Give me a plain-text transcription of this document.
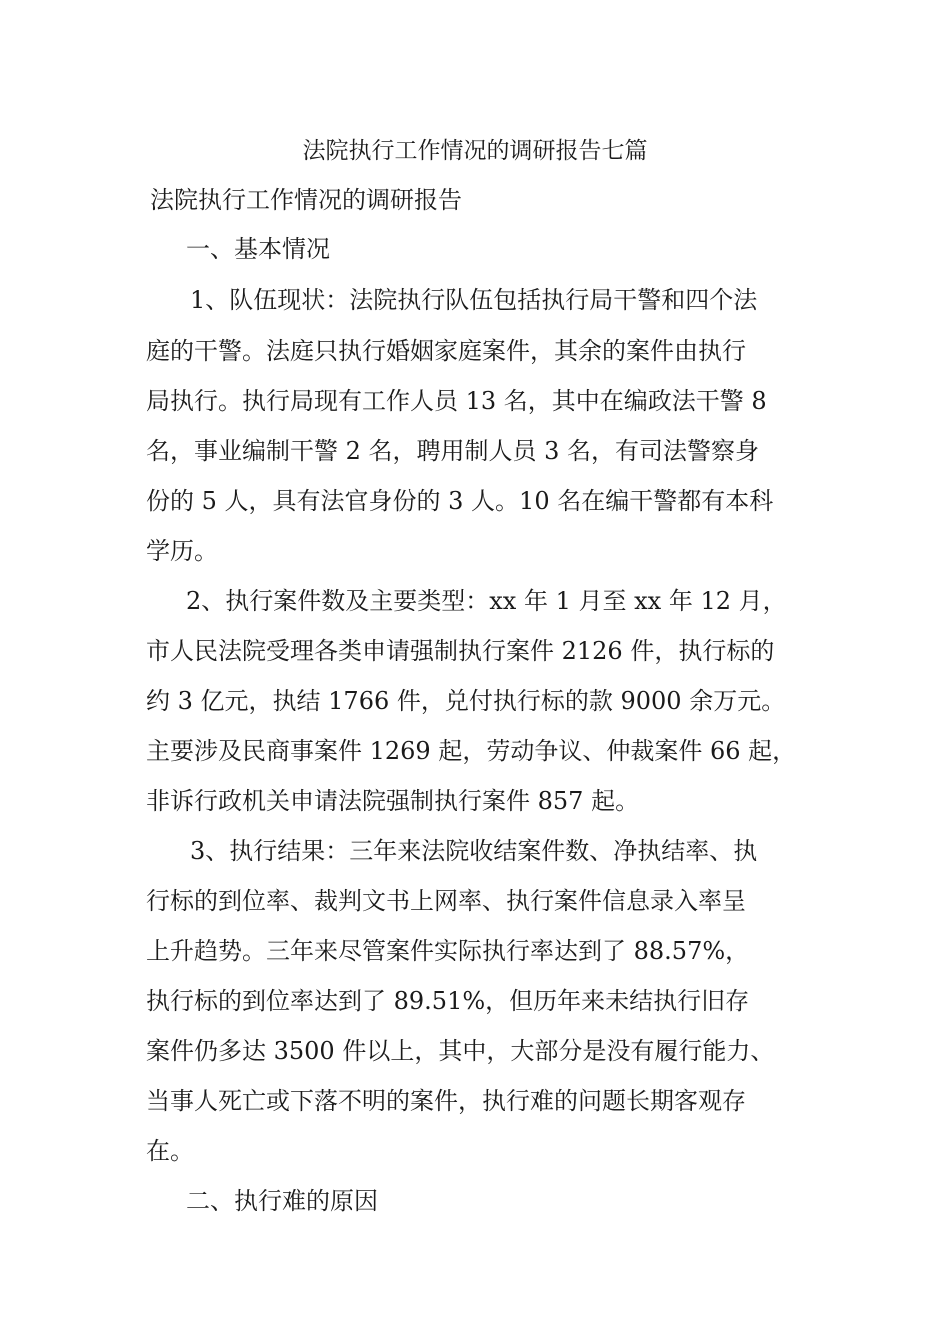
法院执行工作情况的调研报告七篇
法院执行工作情况的调研报告
一、基本情况
1、队伍现状：法院执行队伍包括执行局干警和四个法
庭的干警。法庭只执行婚姻家庭案件，其余的案件由执行
局执行。执行局现有工作人员 13 名，其中在编政法干警 8
名，事业编制干警 2 名，聘用制人员 3 名，有司法警察身
份的 5 人，具有法官身份的 3 人。10 名在编干警都有本科
学历。
2、执行案件数及主要类型：xx 年 1 月至 xx 年 12 月，
市人民法院受理各类申请强制执行案件 2126 件，执行标的
约 3 亿元，执结 1766 件，兑付执行标的款 9000 余万元。
主要涉及民商事案件 1269 起，劳动争议、仲裁案件 66 起，
非诉行政机关申请法院强制执行案件 857 起。
3、执行结果：三年来法院收结案件数、净执结率、执
行标的到位率、裁判文书上网率、执行案件信息录入率呈
上升趋势。三年来尽管案件实际执行率达到了 88.57%，
执行标的到位率达到了 89.51%，但历年来未结执行旧存
案件仍多达 3500 件以上，其中，大部分是没有履行能力、
当事人死亡或下落不明的案件，执行难的问题长期客观存
在。
二、执行难的原因
